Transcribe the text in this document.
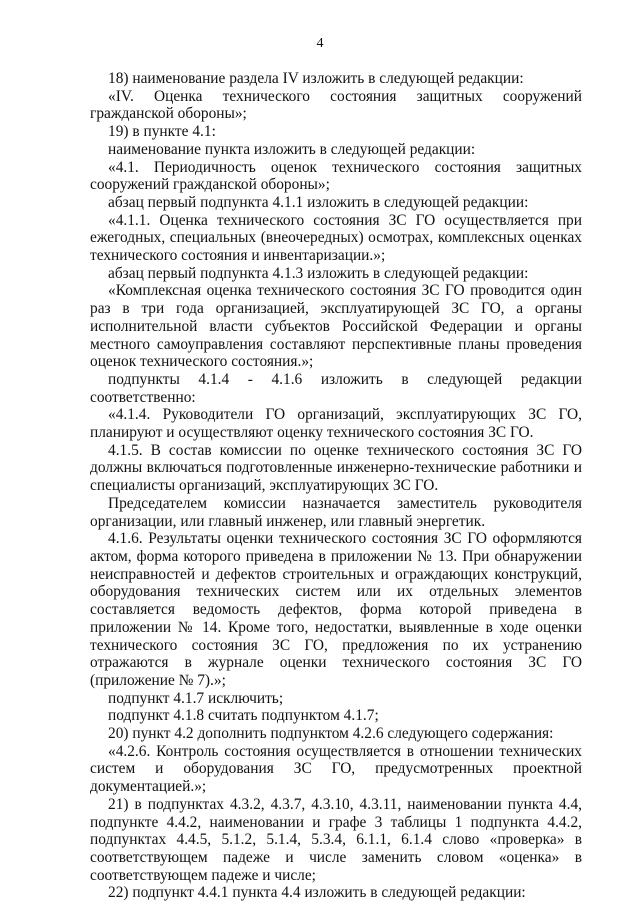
4

18) наименование раздела IV изложить в следующей редакции:

«IV. Оценка технического состояния защитных сооружений гражданской обороны»;

19) в пункте 4.1:

наименование пункта изложить в следующей редакции:

«4.1. Периодичность оценок технического состояния защитных сооружений гражданской обороны»;

абзац первый подпункта 4.1.1 изложить в следующей редакции:

«4.1.1. Оценка технического состояния ЗС ГО осуществляется при ежегодных, специальных (внеочередных) осмотрах, комплексных оценках технического состояния и инвентаризации.»;

абзац первый подпункта 4.1.3 изложить в следующей редакции:

«Комплексная оценка технического состояния ЗС ГО проводится один раз в три года организацией, эксплуатирующей ЗС ГО, а органы исполнительной власти субъектов Российской Федерации и органы местного самоуправления составляют перспективные планы проведения оценок технического состояния.»;

подпункты 4.1.4 - 4.1.6 изложить в следующей редакции соответственно:

«4.1.4. Руководители ГО организаций, эксплуатирующих ЗС ГО, планируют и осуществляют оценку технического состояния ЗС ГО.

4.1.5. В состав комиссии по оценке технического состояния ЗС ГО должны включаться подготовленные инженерно-технические работники и специалисты организаций, эксплуатирующих ЗС ГО.

Председателем комиссии назначается заместитель руководителя организации, или главный инженер, или главный энергетик.

4.1.6. Результаты оценки технического состояния ЗС ГО оформляются актом, форма которого приведена в приложении № 13. При обнаружении неисправностей и дефектов строительных и ограждающих конструкций, оборудования технических систем или их отдельных элементов составляется ведомость дефектов, форма которой приведена в приложении № 14. Кроме того, недостатки, выявленные в ходе оценки технического состояния ЗС ГО, предложения по их устранению отражаются в журнале оценки технического состояния ЗС ГО (приложение № 7).»;

подпункт 4.1.7 исключить;

подпункт 4.1.8 считать подпунктом 4.1.7;

20) пункт 4.2 дополнить подпунктом 4.2.6 следующего содержания:

«4.2.6. Контроль состояния осуществляется в отношении технических систем и оборудования ЗС ГО, предусмотренных проектной документацией.»;

21) в подпунктах 4.3.2, 4.3.7, 4.3.10, 4.3.11, наименовании пункта 4.4, подпункте 4.4.2, наименовании и графе 3 таблицы 1 подпункта 4.4.2, подпунктах 4.4.5, 5.1.2, 5.1.4, 5.3.4, 6.1.1, 6.1.4 слово «проверка» в соответствующем падеже и числе заменить словом «оценка» в соответствующем падеже и числе;

22) подпункт 4.4.1 пункта 4.4 изложить в следующей редакции:
